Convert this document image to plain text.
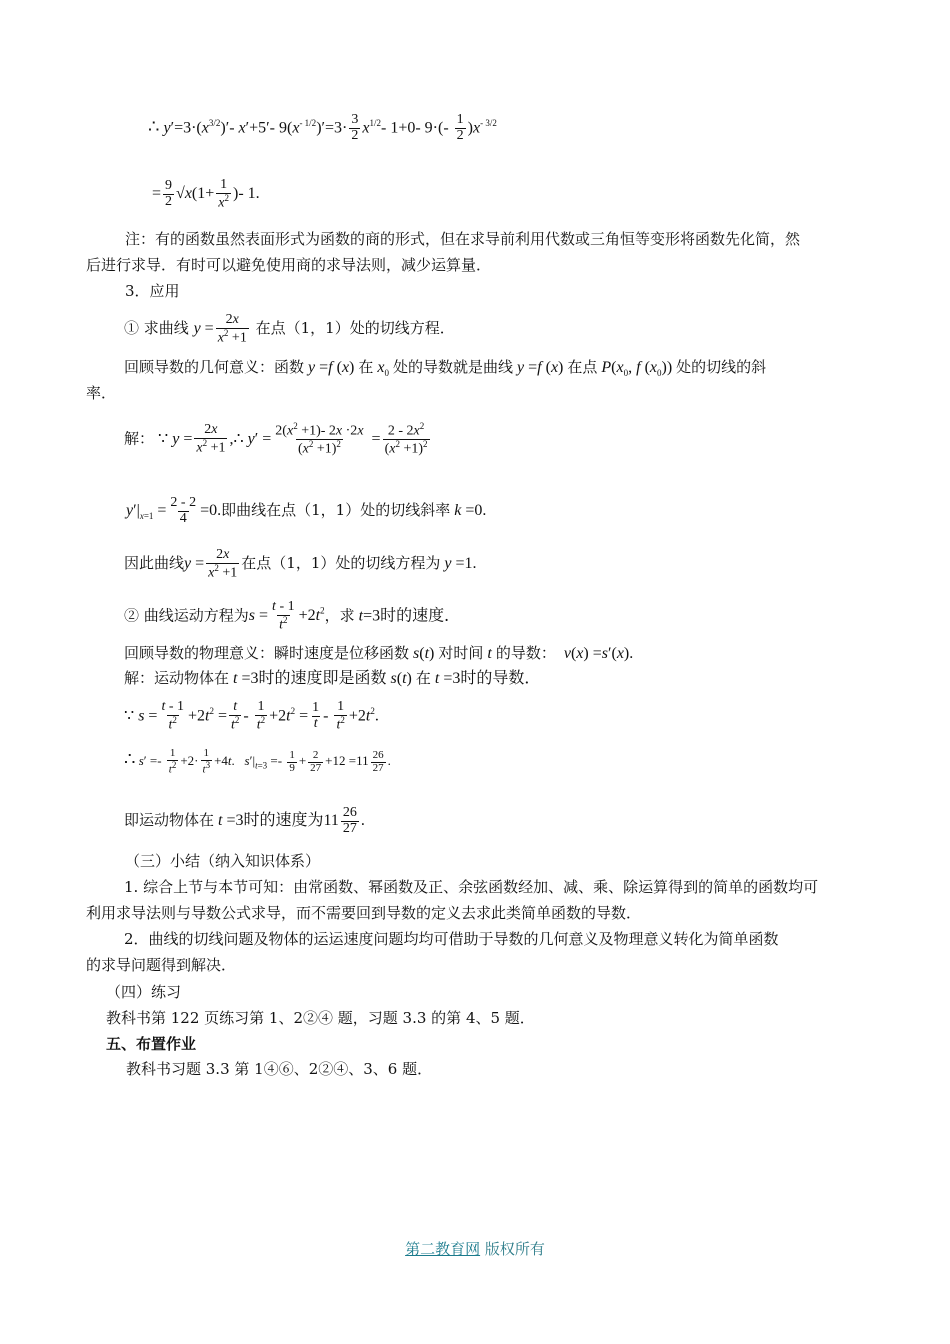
∴ $y'=3\cdot(x^{3/2})'-$ x′+5′- $9(x^{- 1/2})'=3\cdot \frac{3}{2} x^{1/2}-$ 1+0- $9\cdot(- \frac{1}{2} )x^{- 3/2}$
= $\frac{9}{2} √x(1+ \frac{1}{x^2}$ )- 1.
注：有的函数虽然表面形式为函数的商的形式，但在求导前利用代数或三角恒等变形将函数先化简，然
后进行求导．有时可以避免使用商的求导法则，减少运算量．
3．应用
① 求曲线 $y = \frac{2x}{x^2 +1}$ 在点（1，1）处的切线方程．
回顾导数的几何意义：函数 y =f (x) 在 $x_0$ 处的导数就是曲线 y =f (x) 在点 $P(x_0$, f $(x_0)$) 处的切线的斜
率．
解： ∵ $y = \frac{2x}{x^2 +1}$ ,∴ $y' = \frac{2(x^2 +1)- 2x \cdot 2x}{(x^2 +1)^2} = \frac{2 - 2x^2}{(x^2 +1)^2}$
$y'|_{x=1} = \frac{2 - 2}{4} =0$.即曲线在点（1，1）处的切线斜率 k =0.
因此曲线$y = \frac{2x}{x^2 +1}$ 在点（1，1）处的切线方程为 y =1.
② 曲线运动方程为$s = \frac{t - 1}{t^2} +2t^2$，求 t=3时的速度．
回顾导数的物理意义：瞬时速度是位移函数 s(t) 对时间 t 的导数： v(x) =s′(x).
解：运动物体在 t =3时的速度即是函数 s(t) 在 t =3时的导数．
∵ $s = \frac{t - 1}{t^2} +2t^2 = \frac{t}{t^2} - \frac{1}{t^2} +2t^2 = \frac{1}{t} - \frac{1}{t^2} +2t^2$.
∴ $s' =- \frac{1}{t^2} +2\cdot \frac{1}{t^3} +4t$.   $s'|_{t=3} =- \frac{1}{9} + \frac{2}{27} +12 =11 \frac{26}{27}$ .
即运动物体在 t =3时的速度为$11 \frac{26}{27}$ .
（三）小结（纳入知识体系）
1. 综合上节与本节可知：由常函数、幂函数及正、余弦函数经加、减、乘、除运算得到的简单的函数均可
利用求导法则与导数公式求导，而不需要回到导数的定义去求此类简单函数的导数．
2．曲线的切线问题及物体的运运速度问题均均可借助于导数的几何意义及物理意义转化为简单函数
的求导问题得到解决．
（四）练习
教科书第 122 页练习第 1、2②④ 题，习题 3.3 的第 4、5 题．
五、布置作业
教科书习题 3.3 第 1④⑥、2②④、3、6 题．
第二教育网 版权所有
